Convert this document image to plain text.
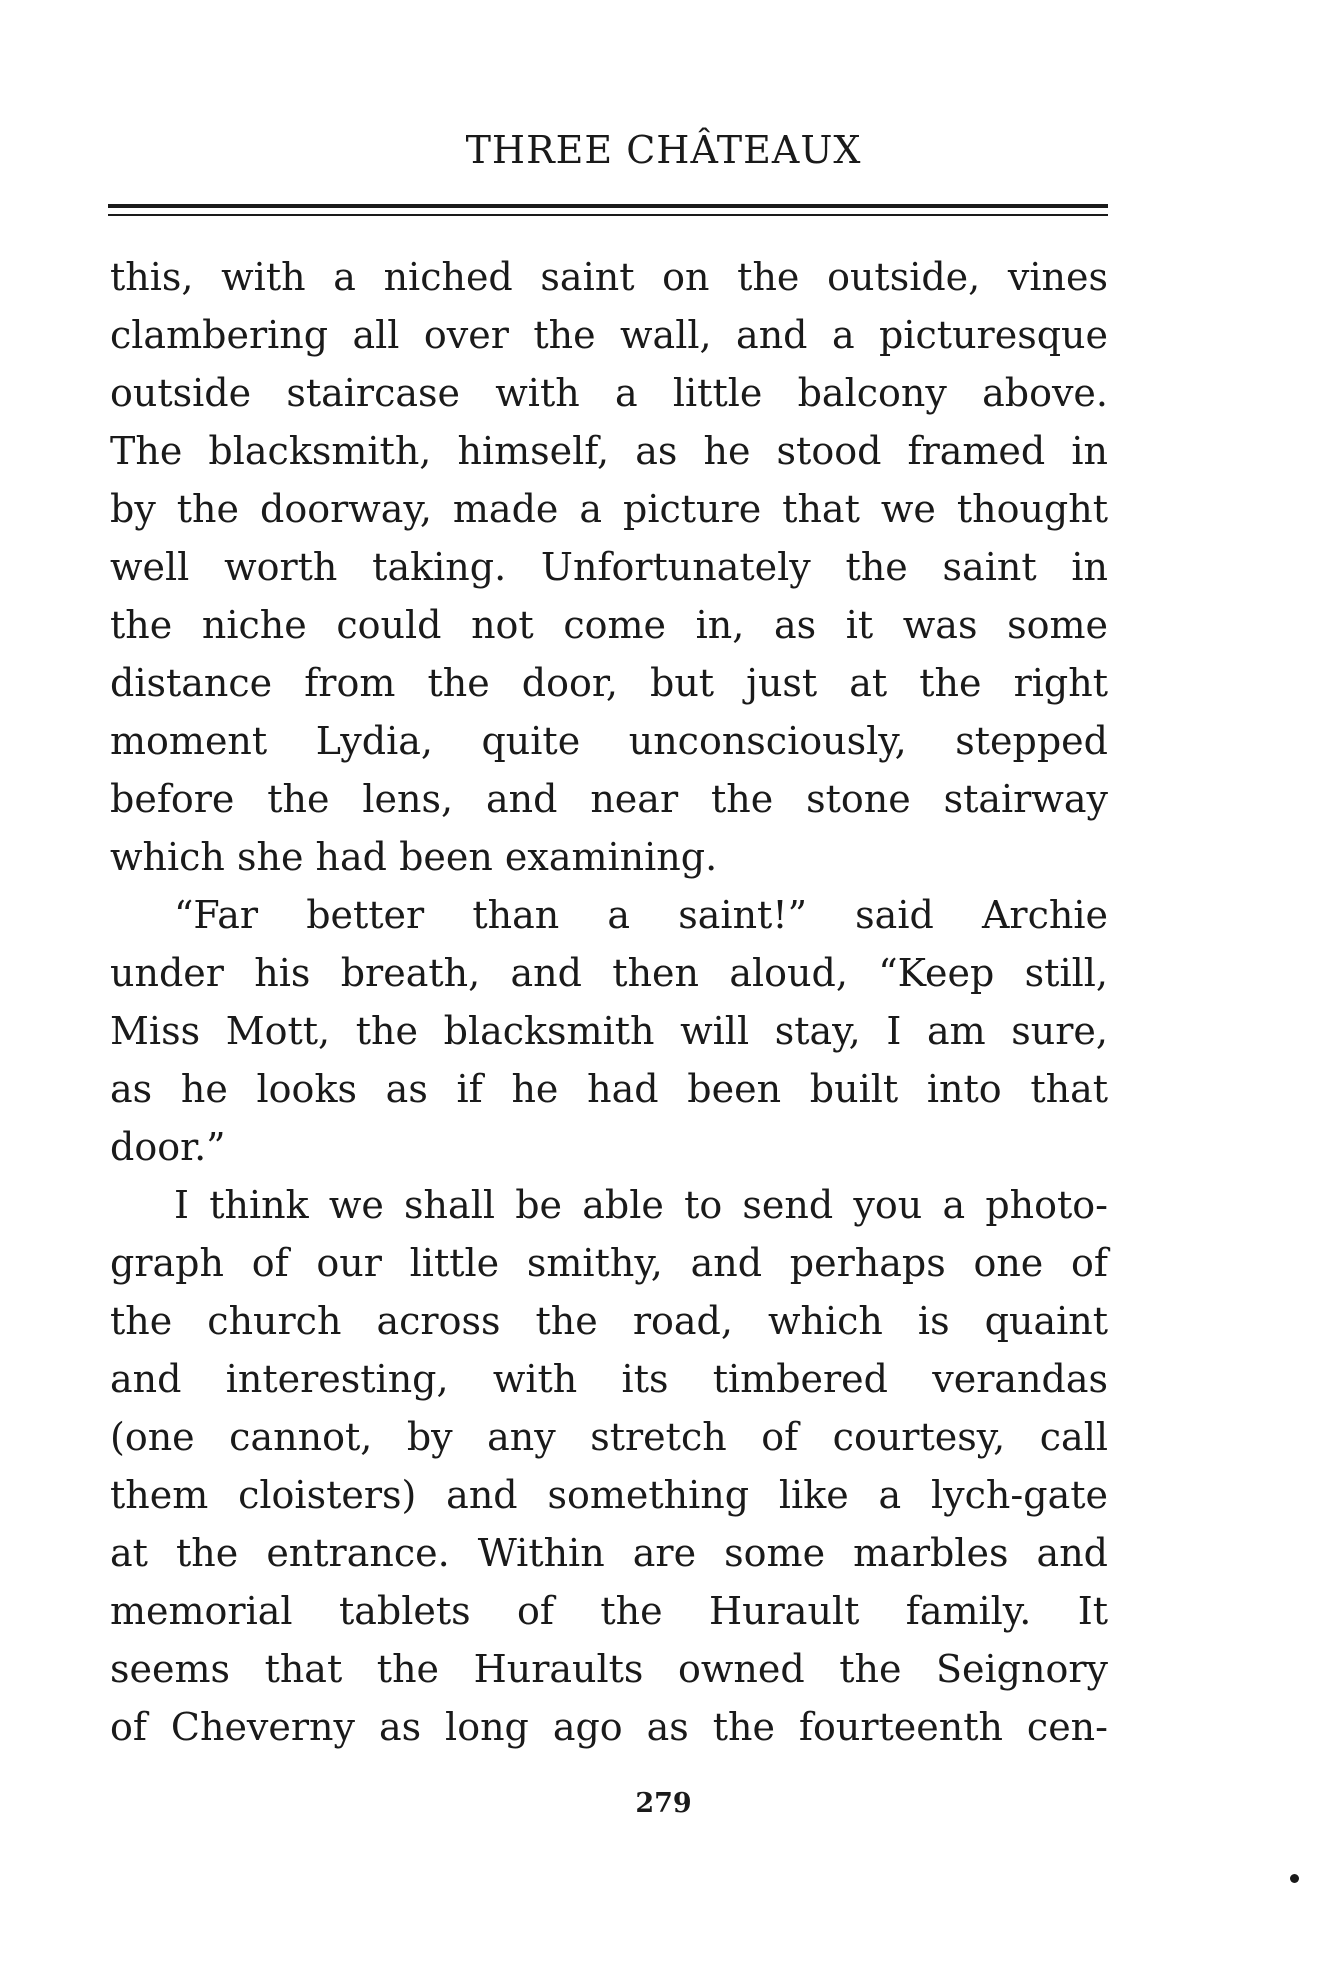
THREE CHÂTEAUX
this, with a niched saint on the outside, vines
clambering all over the wall, and a picturesque
outside staircase with a little balcony above.
The blacksmith, himself, as he stood framed in
by the doorway, made a picture that we thought
well worth taking. Unfortunately the saint in
the niche could not come in, as it was some
distance from the door, but just at the right
moment Lydia, quite unconsciously, stepped
before the lens, and near the stone stairway
which she had been examining.
“Far better than a saint!” said Archie
under his breath, and then aloud, “Keep still,
Miss Mott, the blacksmith will stay, I am sure,
as he looks as if he had been built into that
door.”
I think we shall be able to send you a photo-
graph of our little smithy, and perhaps one of
the church across the road, which is quaint
and interesting, with its timbered verandas
(one cannot, by any stretch of courtesy, call
them cloisters) and something like a lych-gate
at the entrance. Within are some marbles and
memorial tablets of the Hurault family. It
seems that the Huraults owned the Seignory
of Cheverny as long ago as the fourteenth cen-
279
